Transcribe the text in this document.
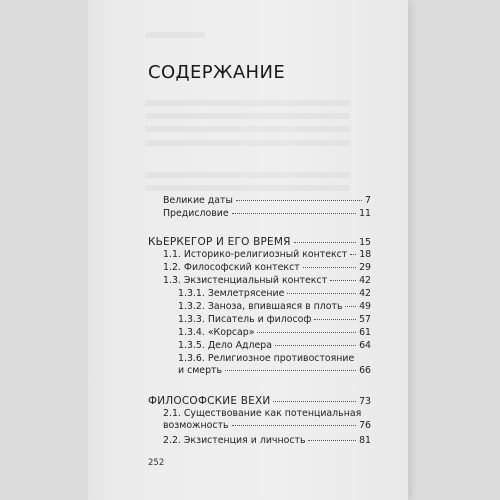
СОДЕРЖАНИЕ
Великие даты	7
Предисловие	11
КЬЕРКЕГОР И ЕГО ВРЕМЯ	15
1.1. Историко-религиозный контекст 18
1.2. Философский контекст	29
1.3. Экзистенциальный контекст	42
1.3.1. Землетрясение	42
1.3.2. Заноза, впившаяся в плоть 49
1.3.3. Писатель и философ	57
1.3.4. «Корсар»	61
1.3.5. Дело Адлера	64
1.3.6. Религиозное противостояние
и смерть	66
ФИЛОСОФСКИЕ ВЕХИ	73
2.1. Существование как потенциальная
возможность	76
2.2. Экзистенция и личность	81
252
